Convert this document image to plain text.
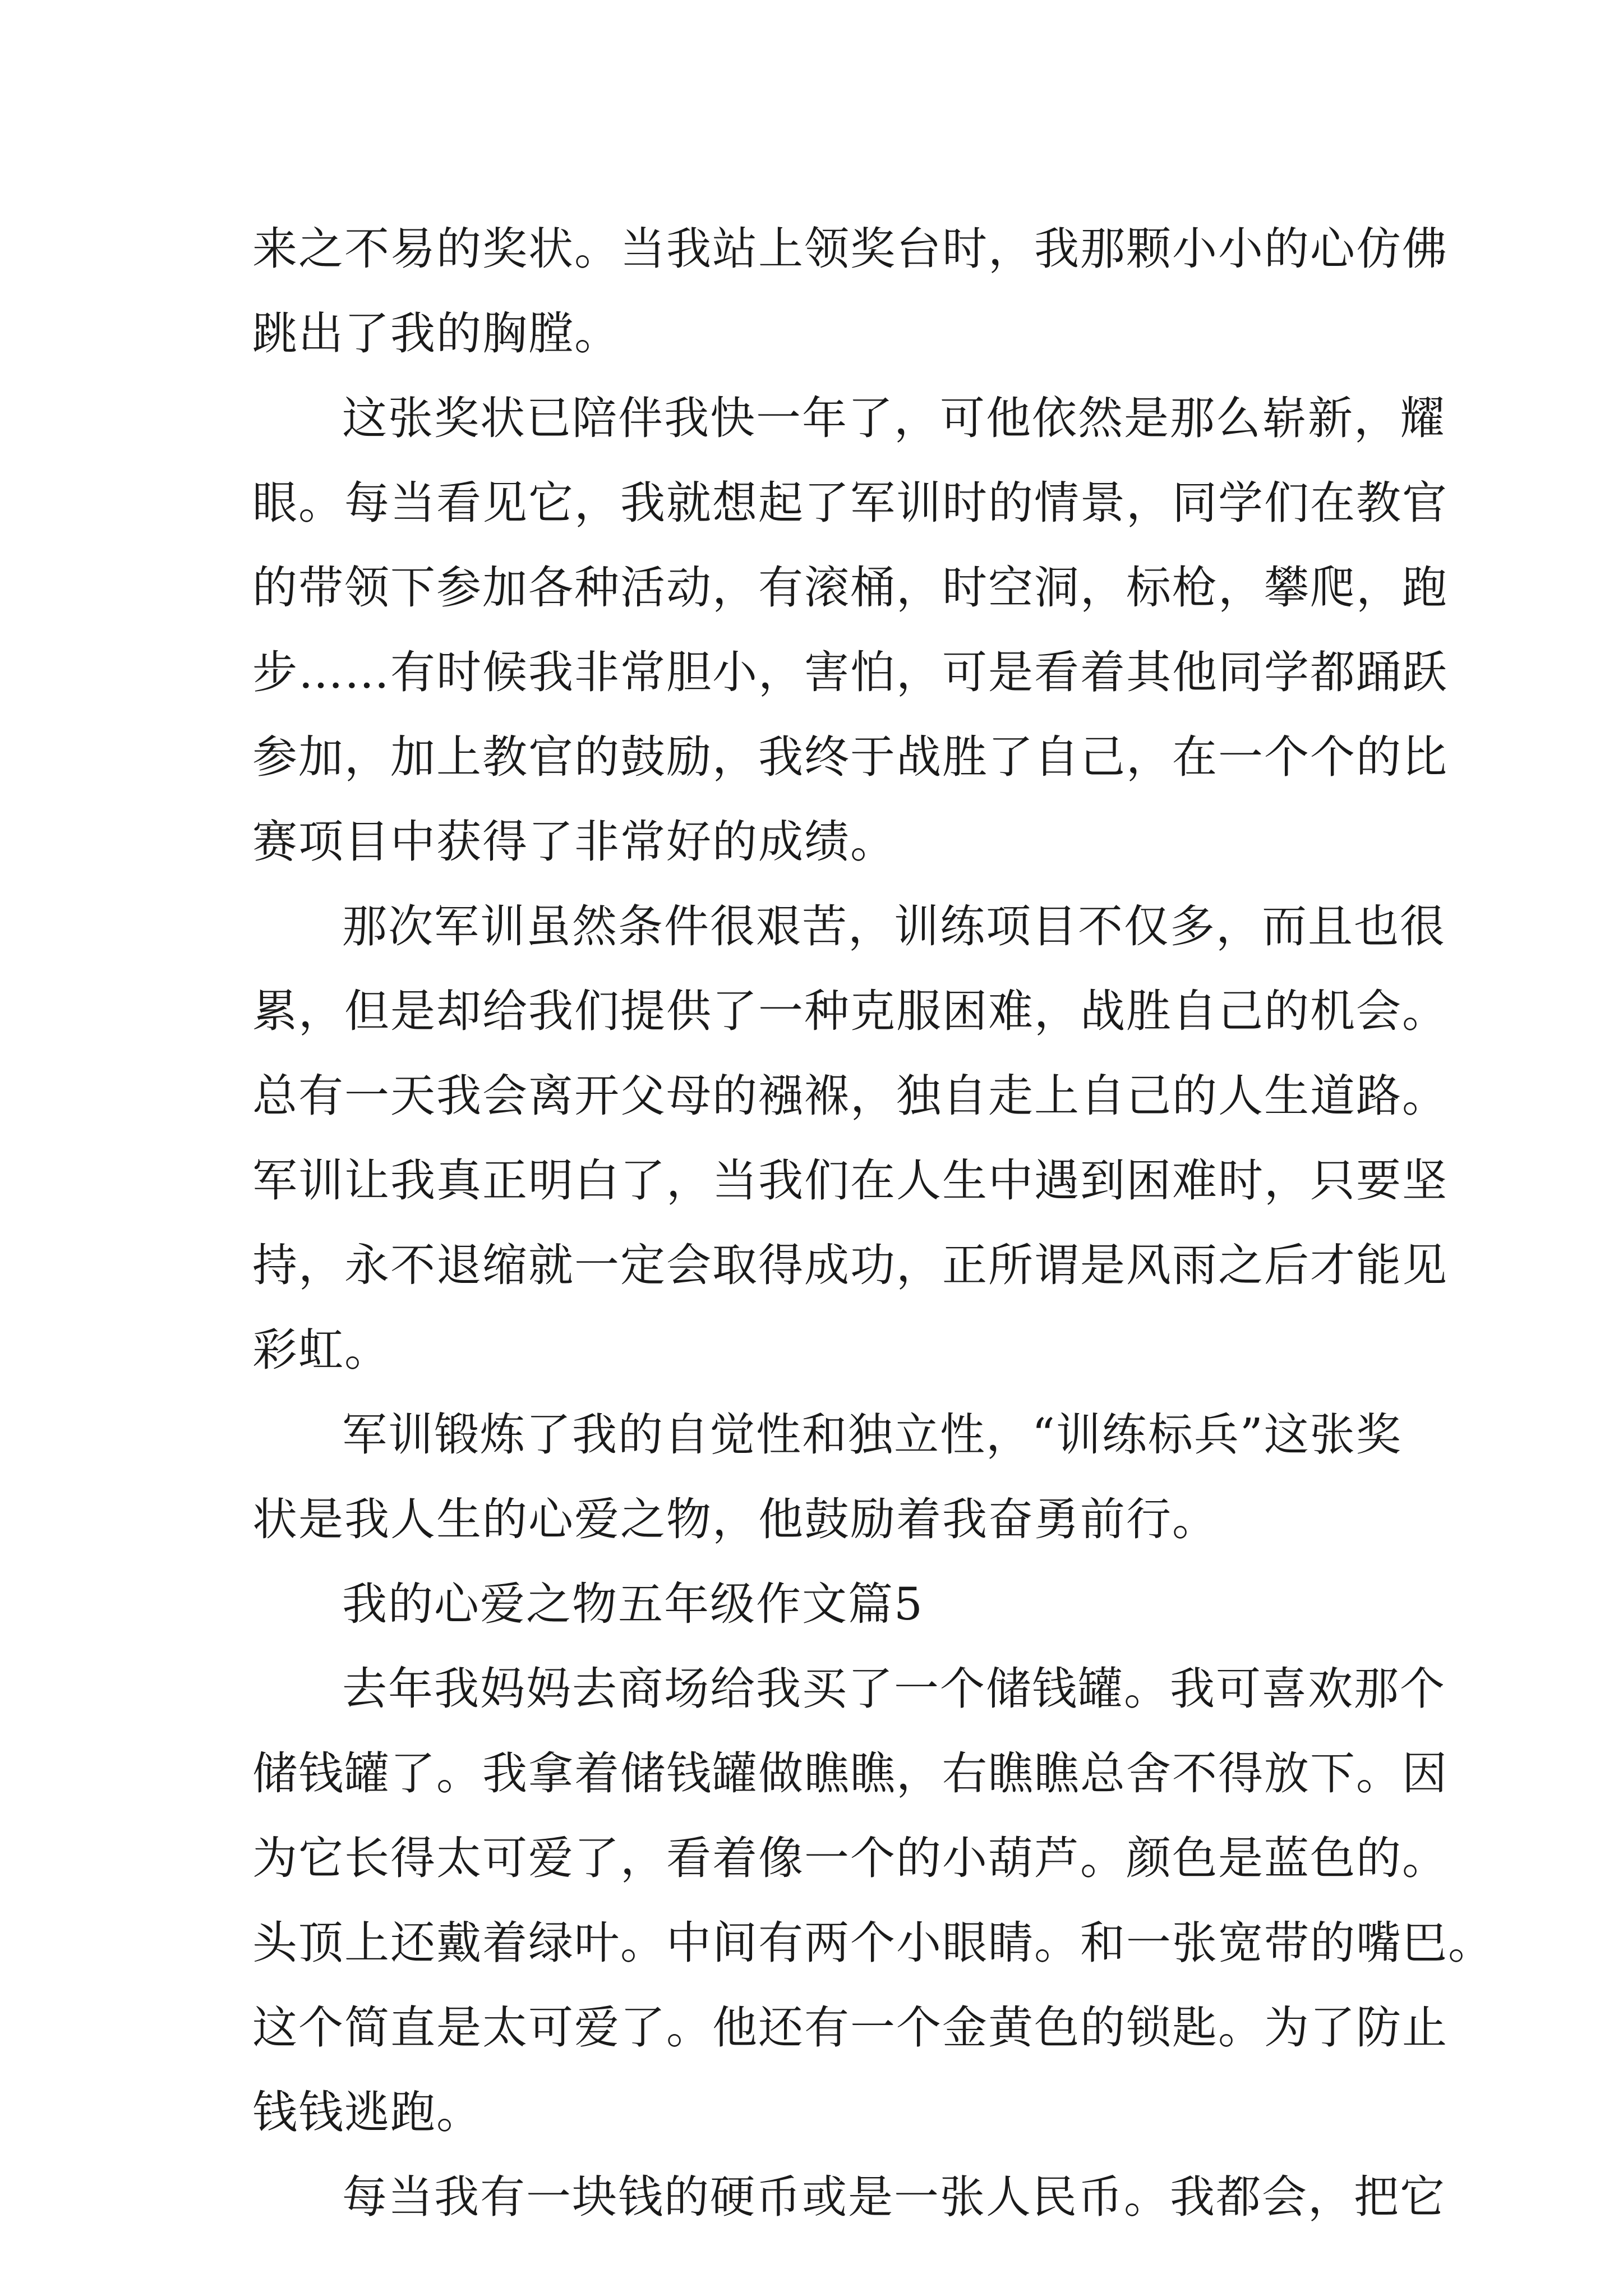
来之不易的奖状。当我站上领奖台时，我那颗小小的心仿佛
跳出了我的胸膛。
这张奖状已陪伴我快一年了，可他依然是那么崭新，耀
眼。每当看见它，我就想起了军训时的情景，同学们在教官
的带领下参加各种活动，有滚桶，时空洞，标枪，攀爬，跑
步……有时候我非常胆小，害怕，可是看着其他同学都踊跃
参加，加上教官的鼓励，我终于战胜了自己，在一个个的比
赛项目中获得了非常好的成绩。
那次军训虽然条件很艰苦，训练项目不仅多，而且也很
累，但是却给我们提供了一种克服困难，战胜自己的机会。
总有一天我会离开父母的襁褓，独自走上自己的人生道路。
军训让我真正明白了，当我们在人生中遇到困难时，只要坚
持，永不退缩就一定会取得成功，正所谓是风雨之后才能见
彩虹。
军训锻炼了我的自觉性和独立性，“训练标兵”这张奖
状是我人生的心爱之物，他鼓励着我奋勇前行。
我的心爱之物五年级作文篇5
去年我妈妈去商场给我买了一个储钱罐。我可喜欢那个
储钱罐了。我拿着储钱罐做瞧瞧，右瞧瞧总舍不得放下。因
为它长得太可爱了，看着像一个的小葫芦。颜色是蓝色的。
头顶上还戴着绿叶。中间有两个小眼睛。和一张宽带的嘴巴。
这个简直是太可爱了。他还有一个金黄色的锁匙。为了防止
钱钱逃跑。
每当我有一块钱的硬币或是一张人民币。我都会，把它
